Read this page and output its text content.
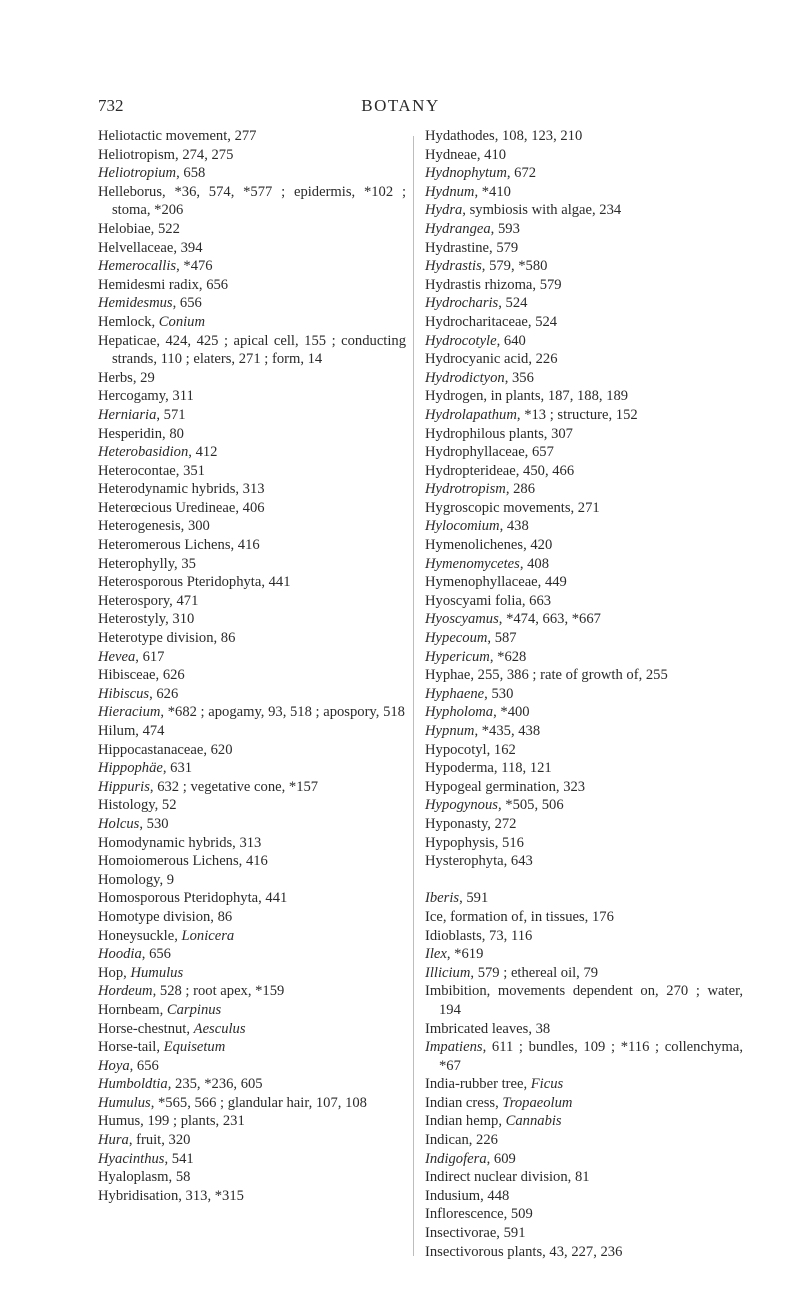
732	BOTANY
Heliotactic movement, 277
Heliotropism, 274, 275
Heliotropium, 658
Helleborus, *36, 574, *577 ; epidermis, *102 ; stoma, *206
Helobiae, 522
Helvellaceae, 394
Hemerocallis, *476
Hemidesmi radix, 656
Hemidesmus, 656
Hemlock, Conium
Hepaticae, 424, 425 ; apical cell, 155 ; conducting strands, 110 ; elaters, 271 ; form, 14
Herbs, 29
Hercogamy, 311
Herniaria, 571
Hesperidin, 80
Heterobasidion, 412
Heterocontae, 351
Heterodynamic hybrids, 313
Heterœcious Uredineae, 406
Heterogenesis, 300
Heteromerous Lichens, 416
Heterophylly, 35
Heterosporous Pteridophyta, 441
Heterospory, 471
Heterostyly, 310
Heterotype division, 86
Hevea, 617
Hibisceae, 626
Hibiscus, 626
Hieracium, *682 ; apogamy, 93, 518 ; apospory, 518
Hilum, 474
Hippocastanaceae, 620
Hippophäe, 631
Hippuris, 632 ; vegetative cone, *157
Histology, 52
Holcus, 530
Homodynamic hybrids, 313
Homoiomerous Lichens, 416
Homology, 9
Homosporous Pteridophyta, 441
Homotype division, 86
Honeysuckle, Lonicera
Hoodia, 656
Hop, Humulus
Hordeum, 528 ; root apex, *159
Hornbeam, Carpinus
Horse-chestnut, Aesculus
Horse-tail, Equisetum
Hoya, 656
Humboldtia, 235, *236, 605
Humulus, *565, 566 ; glandular hair, 107, 108
Humus, 199 ; plants, 231
Hura, fruit, 320
Hyacinthus, 541
Hyaloplasm, 58
Hybridisation, 313, *315
Hydathodes, 108, 123, 210
Hydneae, 410
Hydnophytum, 672
Hydnum, *410
Hydra, symbiosis with algae, 234
Hydrangea, 593
Hydrastine, 579
Hydrastis, 579, *580
Hydrastis rhizoma, 579
Hydrocharis, 524
Hydrocharitaceae, 524
Hydrocotyle, 640
Hydrocyanic acid, 226
Hydrodictyon, 356
Hydrogen, in plants, 187, 188, 189
Hydrolapathum, *13 ; structure, 152
Hydrophilous plants, 307
Hydrophyllaceae, 657
Hydropterideae, 450, 466
Hydrotropism, 286
Hygroscopic movements, 271
Hylocomium, 438
Hymenolichenes, 420
Hymenomycetes, 408
Hymenophyllaceae, 449
Hyoscyami folia, 663
Hyoscyamus, *474, 663, *667
Hypecoum, 587
Hypericum, *628
Hyphae, 255, 386 ; rate of growth of, 255
Hyphaene, 530
Hypholoma, *400
Hypnum, *435, 438
Hypocotyl, 162
Hypoderma, 118, 121
Hypogeal germination, 323
Hypogynous, *505, 506
Hyponasty, 272
Hypophysis, 516
Hysterophyta, 643
Iberis, 591
Ice, formation of, in tissues, 176
Idioblasts, 73, 116
Ilex, *619
Illicium, 579 ; ethereal oil, 79
Imbibition, movements dependent on, 270 ; water, 194
Imbricated leaves, 38
Impatiens, 611 ; bundles, 109 ; *116 ; collenchyma, *67
India-rubber tree, Ficus
Indian cress, Tropaeolum
Indian hemp, Cannabis
Indican, 226
Indigofera, 609
Indirect nuclear division, 81
Indusium, 448
Inflorescence, 509
Insectivorae, 591
Insectivorous plants, 43, 227, 236
